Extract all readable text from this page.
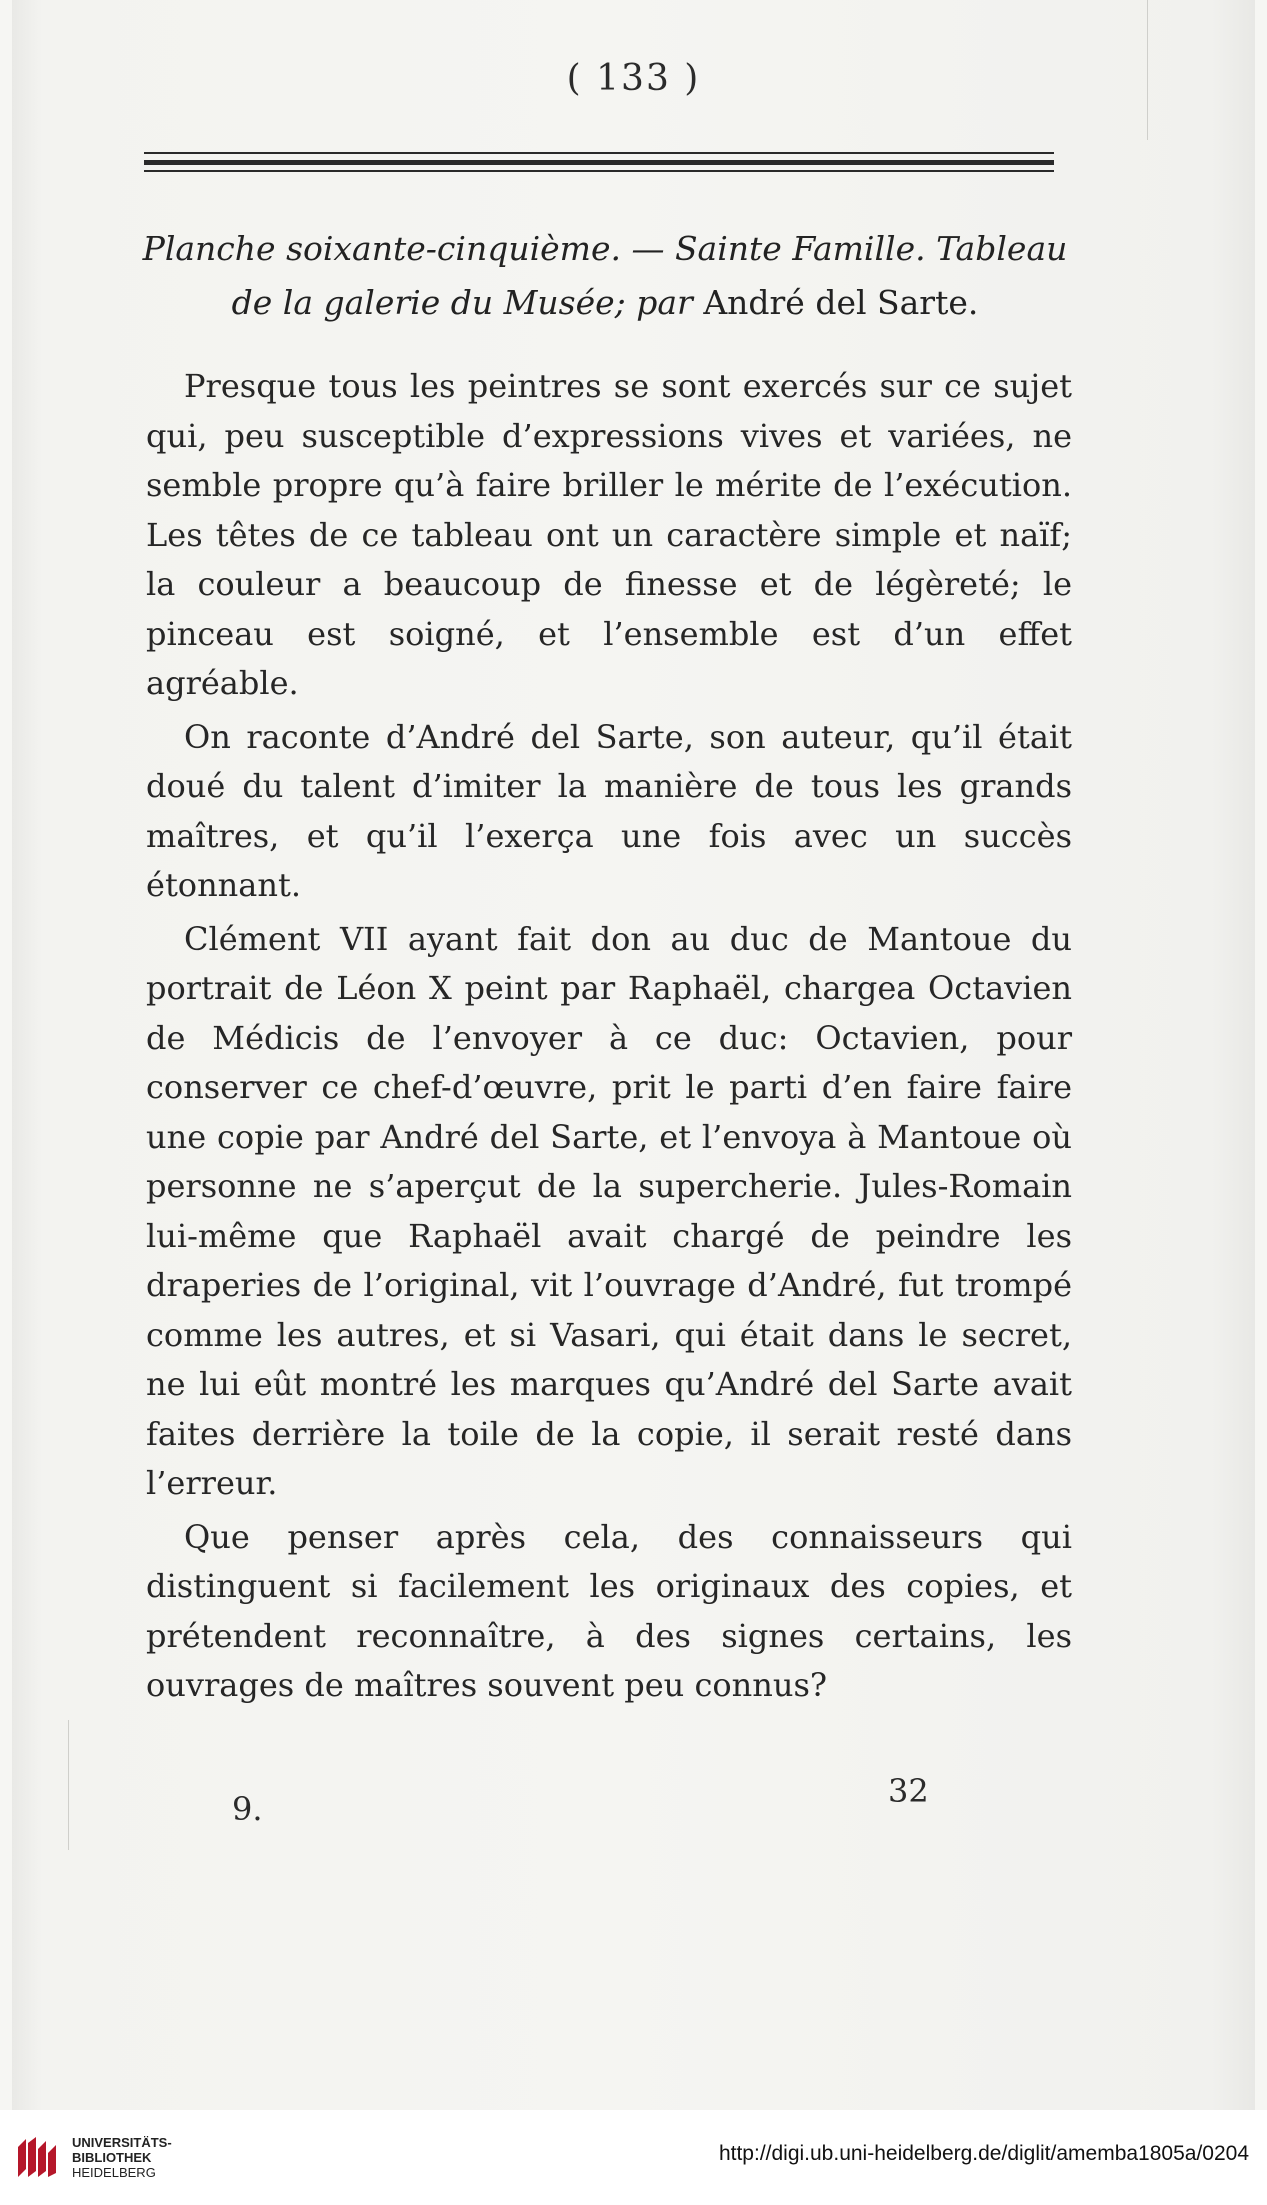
( 133 )
Planche soixante-cinquième. — Sainte Famille. Tableau de la galerie du Musée; par André del Sarte.

Presque tous les peintres se sont exercés sur ce sujet qui, peu susceptible d’expressions vives et variées, ne semble propre qu’à faire briller le mérite de l’exécution. Les têtes de ce tableau ont un caractère simple et naïf; la couleur a beaucoup de finesse et de légèreté; le pinceau est soigné, et l’ensemble est d’un effet agréable.

On raconte d’André del Sarte, son auteur, qu’il était doué du talent d’imiter la manière de tous les grands maîtres, et qu’il l’exerça une fois avec un succès étonnant.

Clément VII ayant fait don au duc de Mantoue du portrait de Léon X peint par Raphaël, chargea Octavien de Médicis de l’envoyer à ce duc: Octavien, pour conserver ce chef-d’œuvre, prit le parti d’en faire faire une copie par André del Sarte, et l’envoya à Mantoue où personne ne s’aperçut de la supercherie. Jules-Romain lui-même que Raphaël avait chargé de peindre les draperies de l’original, vit l’ouvrage d’André, fut trompé comme les autres, et si Vasari, qui était dans le secret, ne lui eût montré les marques qu’André del Sarte avait faites derrière la toile de la copie, il serait resté dans l’erreur.

Que penser après cela, des connaisseurs qui distinguent si facilement les originaux des copies, et prétendent reconnaître, à des signes certains, les ouvrages de maîtres souvent peu connus?

9.	32
UNIVERSITÄTS-
BIBLIOTHEK
HEIDELBERG
http://digi.ub.uni-heidelberg.de/diglit/amemba1805a/0204
